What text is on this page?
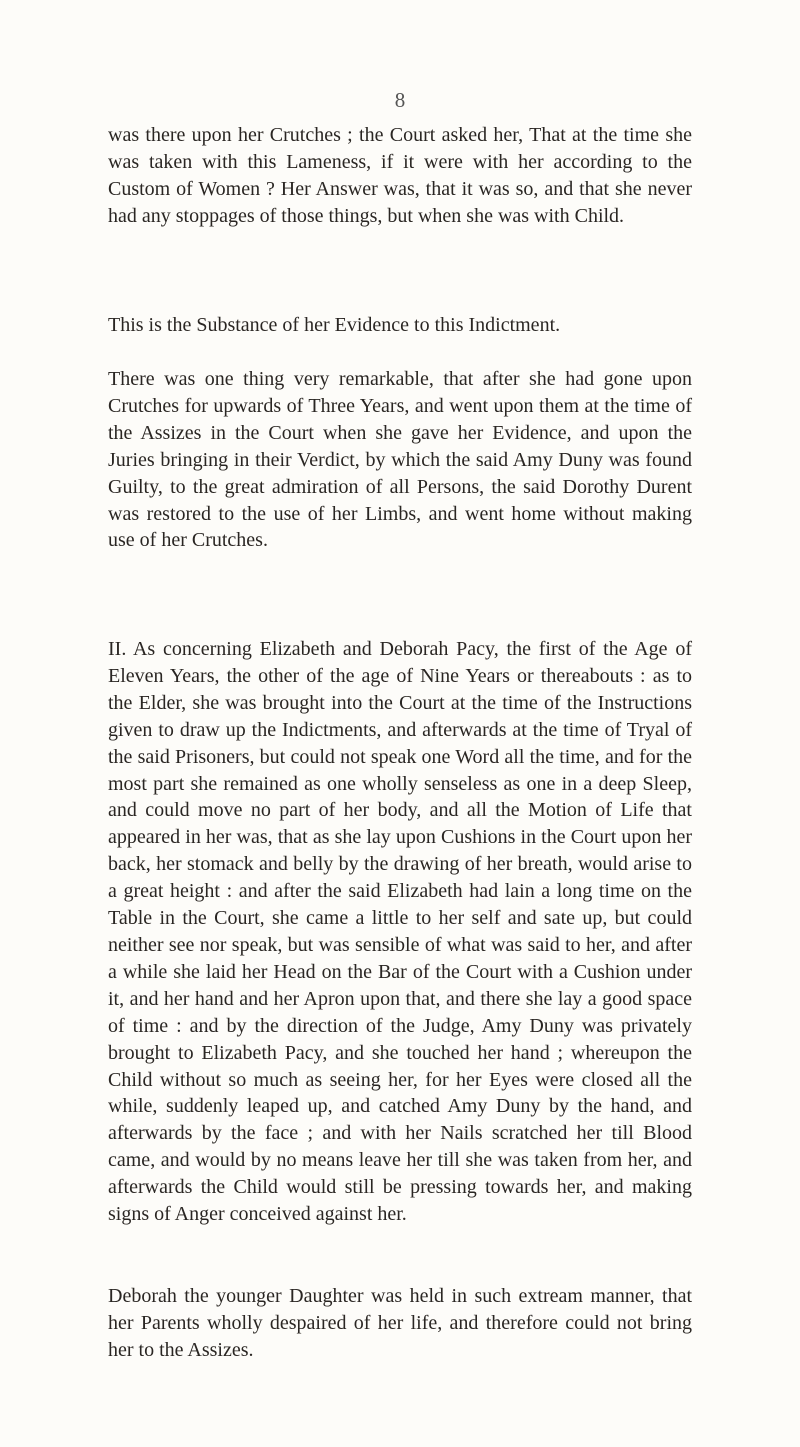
8

was there upon her Crutches ; the Court asked her, That at the time she was taken with this Lameness, if it were with her according to the Custom of Women ? Her Answer was, that it was so, and that she never had any stoppages of those things, but when she was with Child.

This is the Substance of her Evidence to this Indictment.

There was one thing very remarkable, that after she had gone upon Crutches for upwards of Three Years, and went upon them at the time of the Assizes in the Court when she gave her Evidence, and upon the Juries bringing in their Verdict, by which the said Amy Duny was found Guilty, to the great admiration of all Persons, the said Dorothy Durent was restored to the use of her Limbs, and went home without making use of her Crutches.

II. As concerning Elizabeth and Deborah Pacy, the first of the Age of Eleven Years, the other of the age of Nine Years or thereabouts : as to the Elder, she was brought into the Court at the time of the Instructions given to draw up the Indictments, and afterwards at the time of Tryal of the said Prisoners, but could not speak one Word all the time, and for the most part she remained as one wholly senseless as one in a deep Sleep, and could move no part of her body, and all the Motion of Life that appeared in her was, that as she lay upon Cushions in the Court upon her back, her stomack and belly by the drawing of her breath, would arise to a great height : and after the said Elizabeth had lain a long time on the Table in the Court, she came a little to her self and sate up, but could neither see nor speak, but was sensible of what was said to her, and after a while she laid her Head on the Bar of the Court with a Cushion under it, and her hand and her Apron upon that, and there she lay a good space of time : and by the direction of the Judge, Amy Duny was privately brought to Elizabeth Pacy, and she touched her hand ; whereupon the Child without so much as seeing her, for her Eyes were closed all the while, suddenly leaped up, and catched Amy Duny by the hand, and afterwards by the face ; and with her Nails scratched her till Blood came, and would by no means leave her till she was taken from her, and afterwards the Child would still be pressing towards her, and making signs of Anger conceived against her.

Deborah the younger Daughter was held in such extream manner, that her Parents wholly despaired of her life, and therefore could not bring her to the Assizes.
